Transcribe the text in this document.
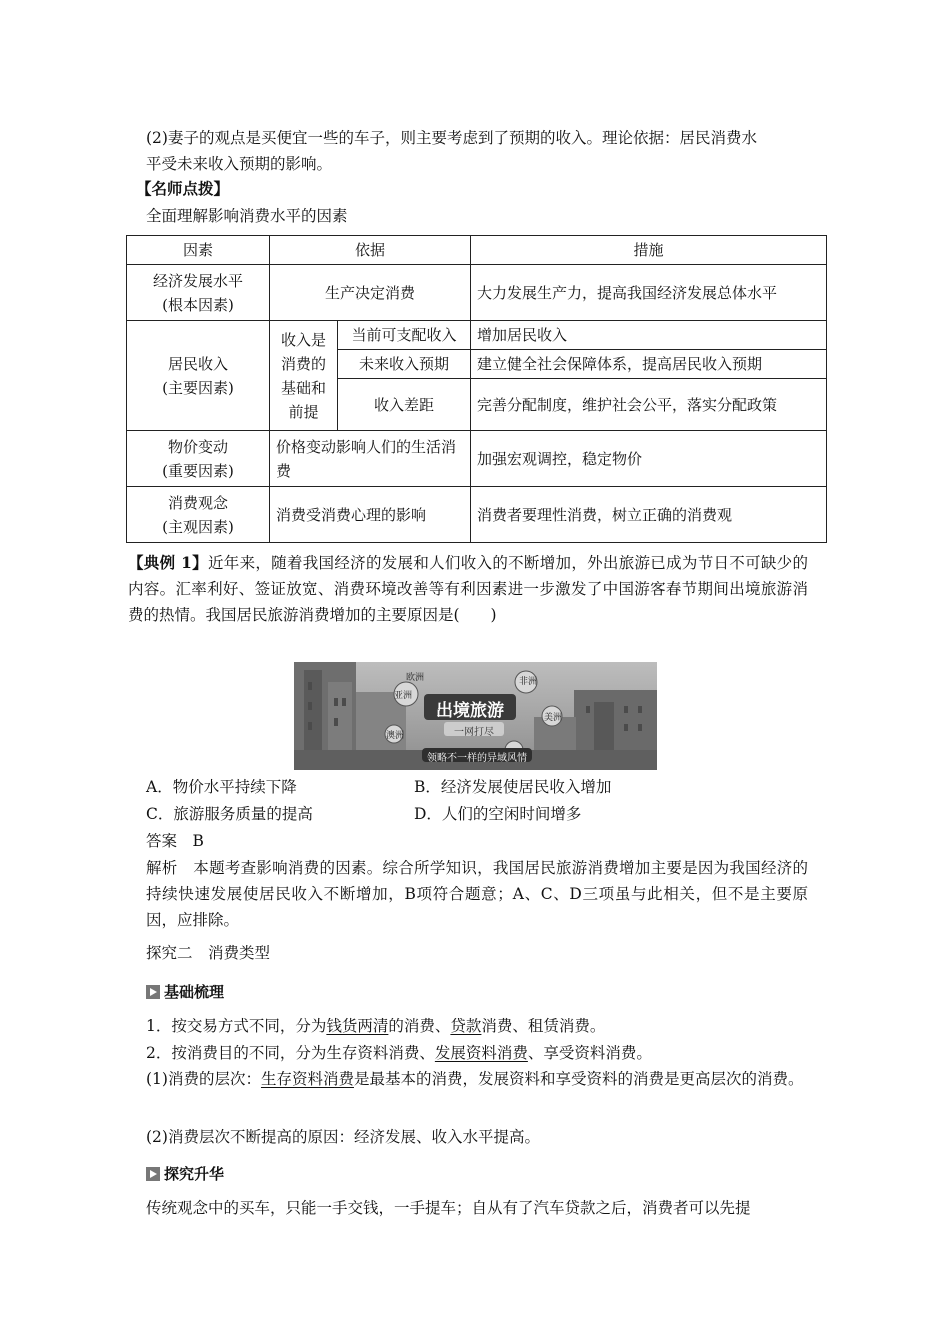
(2)妻子的观点是买便宜一些的车子，则主要考虑到了预期的收入。理论依据：居民消费水
平受未来收入预期的影响。
【名师点拨】
全面理解影响消费水平的因素
因素	依据		措施

经济发展水平
(根本因素)	生产决定消费		大力发展生产力，提高我国经济发展总体水平

居民收入
(主要因素)	收入是消费的基础和前提	当前可支配收入	增加居民收入
		未来收入预期	建立健全社会保障体系，提高居民收入预期
		收入差距	完善分配制度，维护社会公平，落实分配政策

物价变动
(重要因素)	价格变动影响人们的生活消费		加强宏观调控，稳定物价

消费观念
(主观因素)	消费受消费心理的影响		消费者要理性消费，树立正确的消费观
【典例 1】近年来，随着我国经济的发展和人们收入的不断增加，外出旅游已成为节日不可缺少的内容。汇率利好、签证放宽、消费环境改善等有利因素进一步激发了中国游客春节期间出境旅游消费的热情。我国居民旅游消费增加的主要原因是(　　)
欧洲	非洲
亚洲
美洲
澳洲
出境旅游
一网打尽
领略不一样的异域风情
A．物价水平持续下降	B．经济发展使居民收入增加
C．旅游服务质量的提高	D．人们的空闲时间增多
答案　B
解析　本题考查影响消费的因素。综合所学知识，我国居民旅游消费增加主要是因为我国经济的持续快速发展使居民收入不断增加，B项符合题意；A、C、D三项虽与此相关，但不是主要原因，应排除。
探究二　消费类型
基础梳理
1．按交易方式不同，分为钱货两清的消费、贷款消费、租赁消费。
2．按消费目的不同，分为生存资料消费、发展资料消费、享受资料消费。
(1)消费的层次：生存资料消费是最基本的消费，发展资料和享受资料的消费是更高层次的消费。
(2)消费层次不断提高的原因：经济发展、收入水平提高。
探究升华
传统观念中的买车，只能一手交钱，一手提车；自从有了汽车贷款之后，消费者可以先提
